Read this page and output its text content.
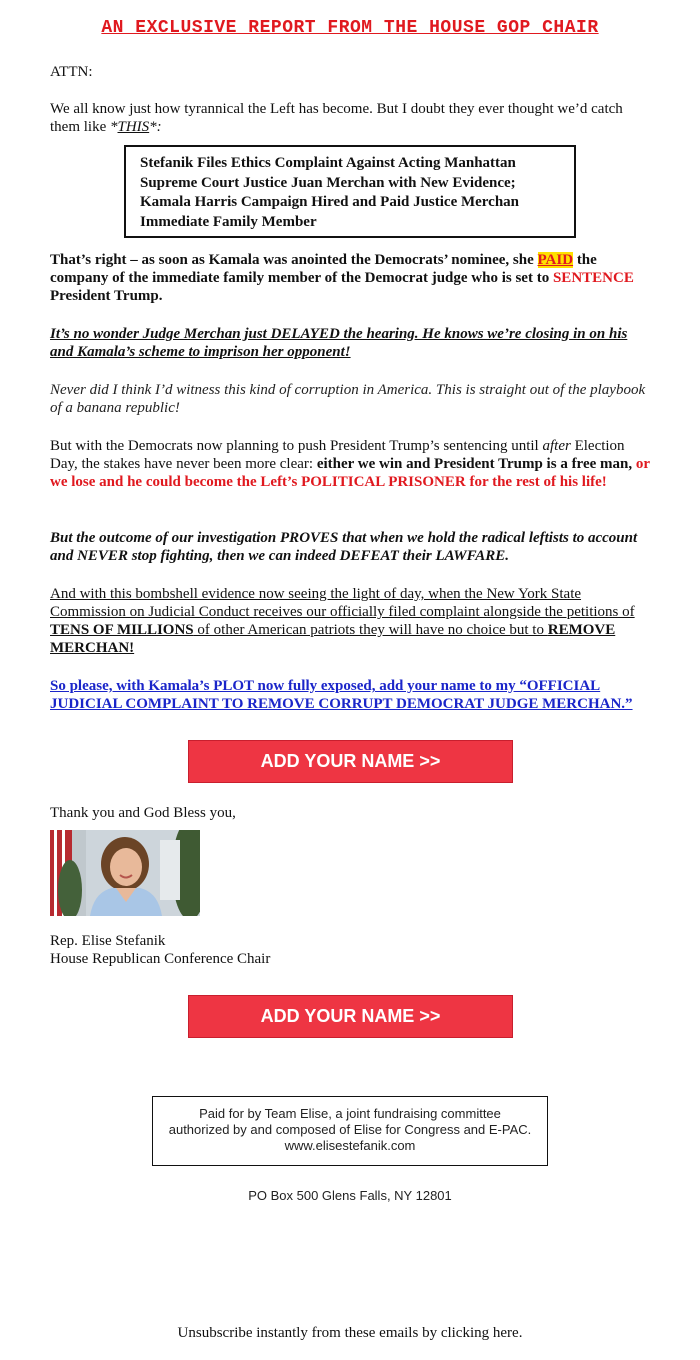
AN EXCLUSIVE REPORT FROM THE HOUSE GOP CHAIR
ATTN:
We all know just how tyrannical the Left has become. But I doubt they ever thought we’d catch them like *THIS*:
Stefanik Files Ethics Complaint Against Acting Manhattan Supreme Court Justice Juan Merchan with New Evidence; Kamala Harris Campaign Hired and Paid Justice Merchan Immediate Family Member
That’s right – as soon as Kamala was anointed the Democrats’ nominee, she PAID the company of the immediate family member of the Democrat judge who is set to SENTENCE President Trump.
It’s no wonder Judge Merchan just DELAYED the hearing. He knows we’re closing in on his and Kamala’s scheme to imprison her opponent!
Never did I think I’d witness this kind of corruption in America. This is straight out of the playbook of a banana republic!
But with the Democrats now planning to push President Trump’s sentencing until after Election Day, the stakes have never been more clear: either we win and President Trump is a free man, or we lose and he could become the Left’s POLITICAL PRISONER for the rest of his life!
But the outcome of our investigation PROVES that when we hold the radical leftists to account and NEVER stop fighting, then we can indeed DEFEAT their LAWFARE.
And with this bombshell evidence now seeing the light of day, when the New York State Commission on Judicial Conduct receives our officially filed complaint alongside the petitions of TENS OF MILLIONS of other American patriots they will have no choice but to REMOVE MERCHAN!
So please, with Kamala’s PLOT now fully exposed, add your name to my “OFFICIAL JUDICIAL COMPLAINT TO REMOVE CORRUPT DEMOCRAT JUDGE MERCHAN.”
ADD YOUR NAME >>
Thank you and God Bless you,
Rep. Elise Stefanik
House Republican Conference Chair
ADD YOUR NAME >>
Paid for by Team Elise, a joint fundraising committee authorized by and composed of Elise for Congress and E-PAC. www.elisestefanik.com
PO Box 500 Glens Falls, NY 12801
Unsubscribe instantly from these emails by clicking here.
